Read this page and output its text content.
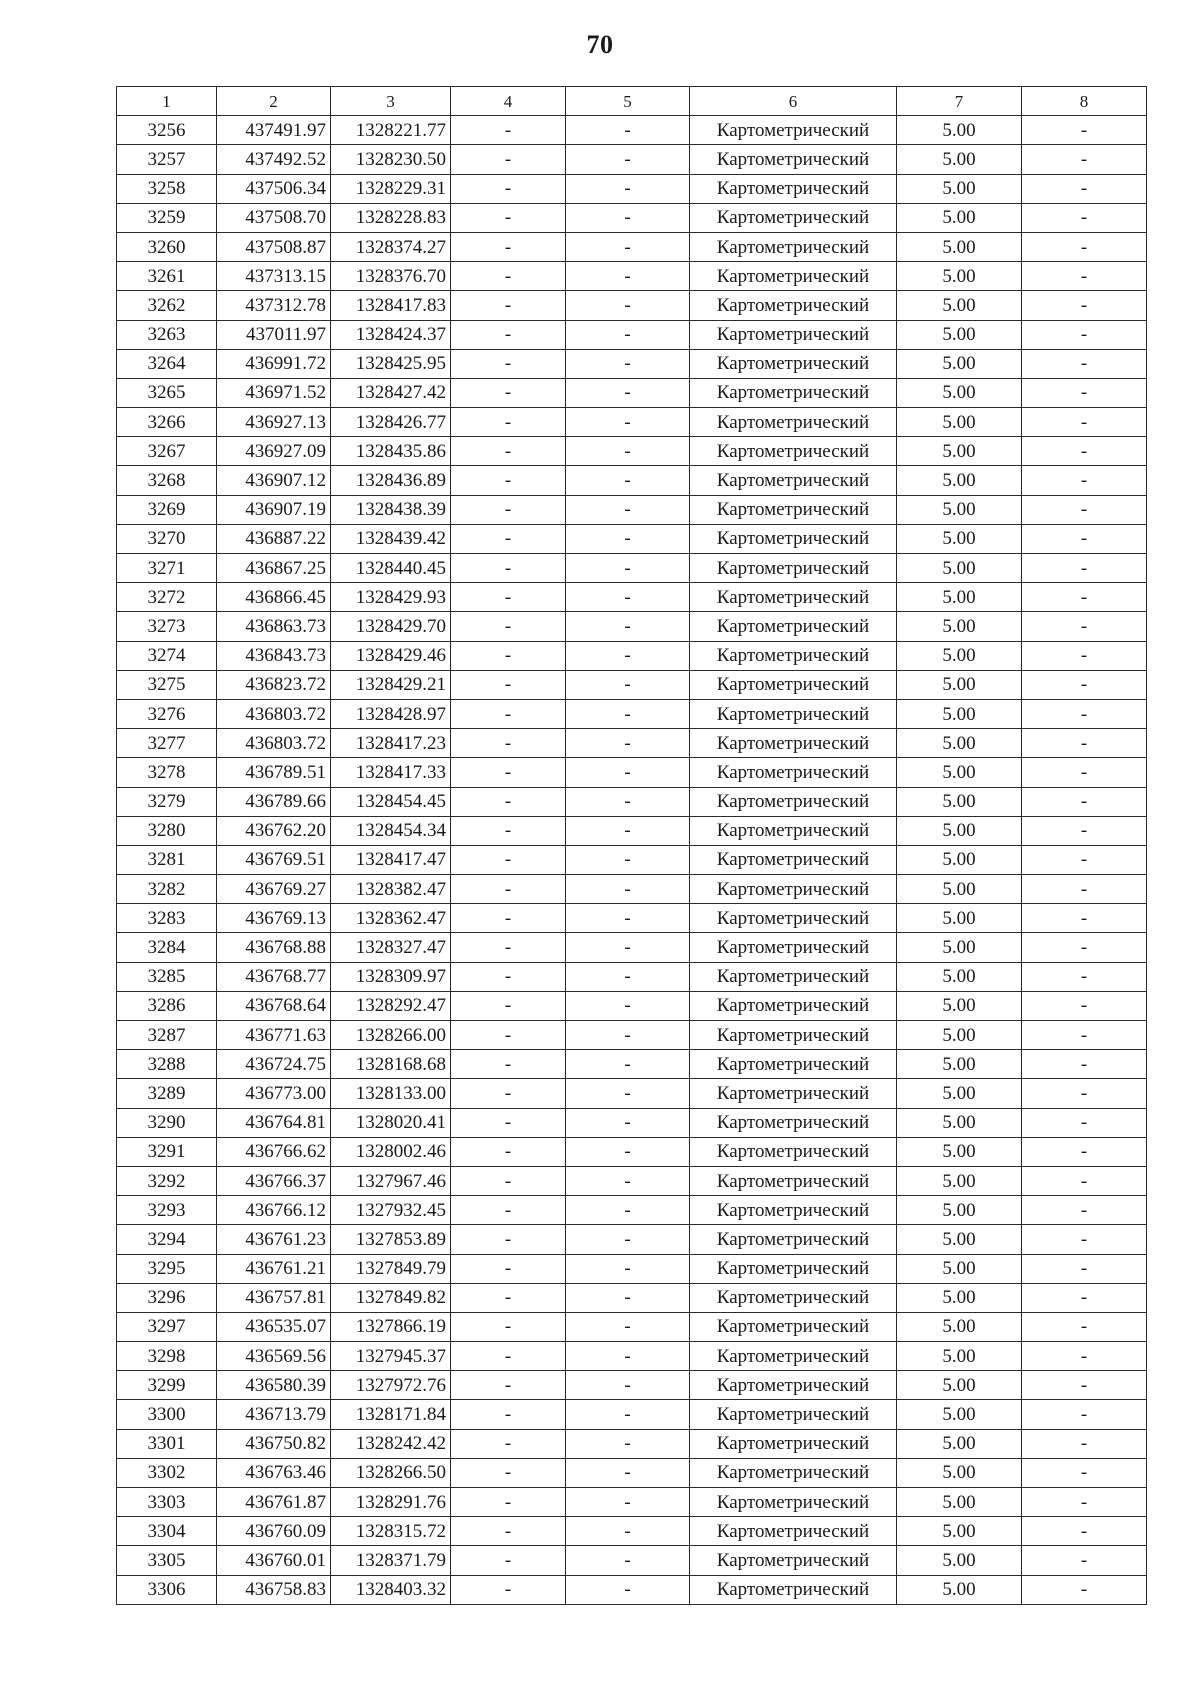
70
1	2	3	4	5	6	7	8
3256	437491.97	1328221.77	-	-	Картометрический	5.00	-
3257	437492.52	1328230.50	-	-	Картометрический	5.00	-
3258	437506.34	1328229.31	-	-	Картометрический	5.00	-
3259	437508.70	1328228.83	-	-	Картометрический	5.00	-
3260	437508.87	1328374.27	-	-	Картометрический	5.00	-
3261	437313.15	1328376.70	-	-	Картометрический	5.00	-
3262	437312.78	1328417.83	-	-	Картометрический	5.00	-
3263	437011.97	1328424.37	-	-	Картометрический	5.00	-
3264	436991.72	1328425.95	-	-	Картометрический	5.00	-
3265	436971.52	1328427.42	-	-	Картометрический	5.00	-
3266	436927.13	1328426.77	-	-	Картометрический	5.00	-
3267	436927.09	1328435.86	-	-	Картометрический	5.00	-
3268	436907.12	1328436.89	-	-	Картометрический	5.00	-
3269	436907.19	1328438.39	-	-	Картометрический	5.00	-
3270	436887.22	1328439.42	-	-	Картометрический	5.00	-
3271	436867.25	1328440.45	-	-	Картометрический	5.00	-
3272	436866.45	1328429.93	-	-	Картометрический	5.00	-
3273	436863.73	1328429.70	-	-	Картометрический	5.00	-
3274	436843.73	1328429.46	-	-	Картометрический	5.00	-
3275	436823.72	1328429.21	-	-	Картометрический	5.00	-
3276	436803.72	1328428.97	-	-	Картометрический	5.00	-
3277	436803.72	1328417.23	-	-	Картометрический	5.00	-
3278	436789.51	1328417.33	-	-	Картометрический	5.00	-
3279	436789.66	1328454.45	-	-	Картометрический	5.00	-
3280	436762.20	1328454.34	-	-	Картометрический	5.00	-
3281	436769.51	1328417.47	-	-	Картометрический	5.00	-
3282	436769.27	1328382.47	-	-	Картометрический	5.00	-
3283	436769.13	1328362.47	-	-	Картометрический	5.00	-
3284	436768.88	1328327.47	-	-	Картометрический	5.00	-
3285	436768.77	1328309.97	-	-	Картометрический	5.00	-
3286	436768.64	1328292.47	-	-	Картометрический	5.00	-
3287	436771.63	1328266.00	-	-	Картометрический	5.00	-
3288	436724.75	1328168.68	-	-	Картометрический	5.00	-
3289	436773.00	1328133.00	-	-	Картометрический	5.00	-
3290	436764.81	1328020.41	-	-	Картометрический	5.00	-
3291	436766.62	1328002.46	-	-	Картометрический	5.00	-
3292	436766.37	1327967.46	-	-	Картометрический	5.00	-
3293	436766.12	1327932.45	-	-	Картометрический	5.00	-
3294	436761.23	1327853.89	-	-	Картометрический	5.00	-
3295	436761.21	1327849.79	-	-	Картометрический	5.00	-
3296	436757.81	1327849.82	-	-	Картометрический	5.00	-
3297	436535.07	1327866.19	-	-	Картометрический	5.00	-
3298	436569.56	1327945.37	-	-	Картометрический	5.00	-
3299	436580.39	1327972.76	-	-	Картометрический	5.00	-
3300	436713.79	1328171.84	-	-	Картометрический	5.00	-
3301	436750.82	1328242.42	-	-	Картометрический	5.00	-
3302	436763.46	1328266.50	-	-	Картометрический	5.00	-
3303	436761.87	1328291.76	-	-	Картометрический	5.00	-
3304	436760.09	1328315.72	-	-	Картометрический	5.00	-
3305	436760.01	1328371.79	-	-	Картометрический	5.00	-
3306	436758.83	1328403.32	-	-	Картометрический	5.00	-
